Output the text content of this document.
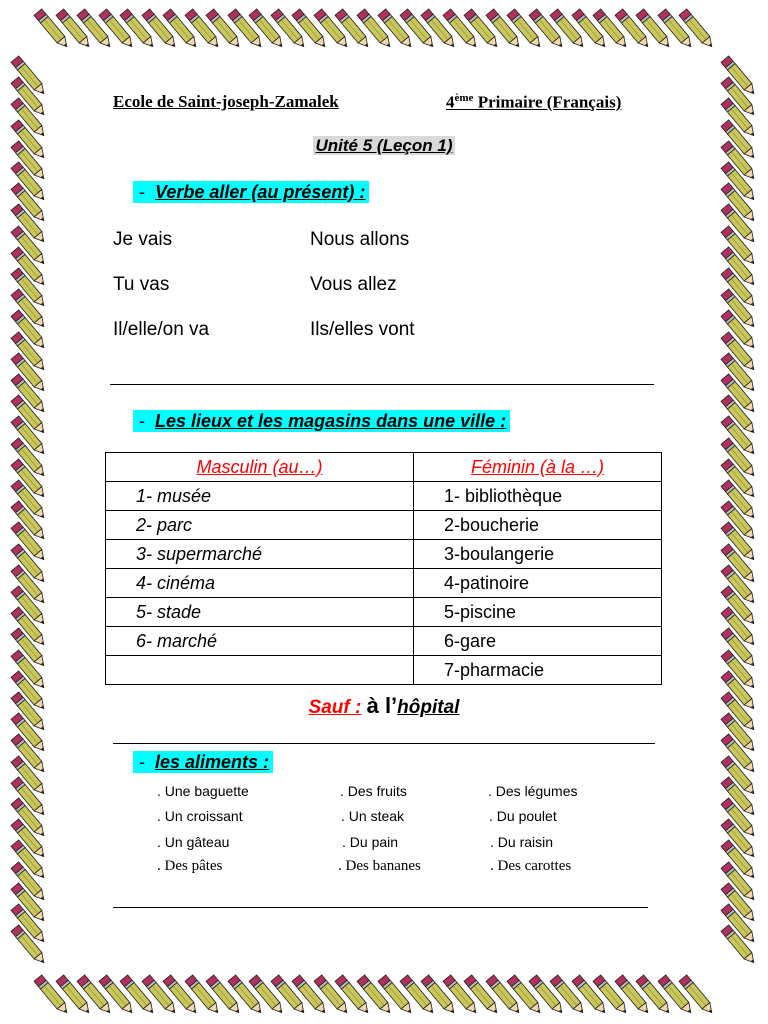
Ecole de Saint-joseph-Zamalek	4ème Primaire (Français)
Unité 5 (Leçon 1)
- Verbe aller (au présent) :
Je vais	Nous allons
Tu vas	Vous allez
Il/elle/on va	Ils/elles vont
- Les lieux et les magasins dans une ville :
Masculin (au…)	Féminin (à la …)
1- musée	1- bibliothèque
2- parc	2-boucherie
3- supermarché	3-boulangerie
4- cinéma	4-patinoire
5- stade	5-piscine
6- marché	6-gare
	7-pharmacie
Sauf : à l’hôpital
- les aliments :
. Une baguette	. Des fruits	. Des légumes
. Un croissant	. Un steak	. Du poulet
. Un gâteau	. Du pain	. Du raisin
. Des pâtes	. Des bananes	. Des carottes
